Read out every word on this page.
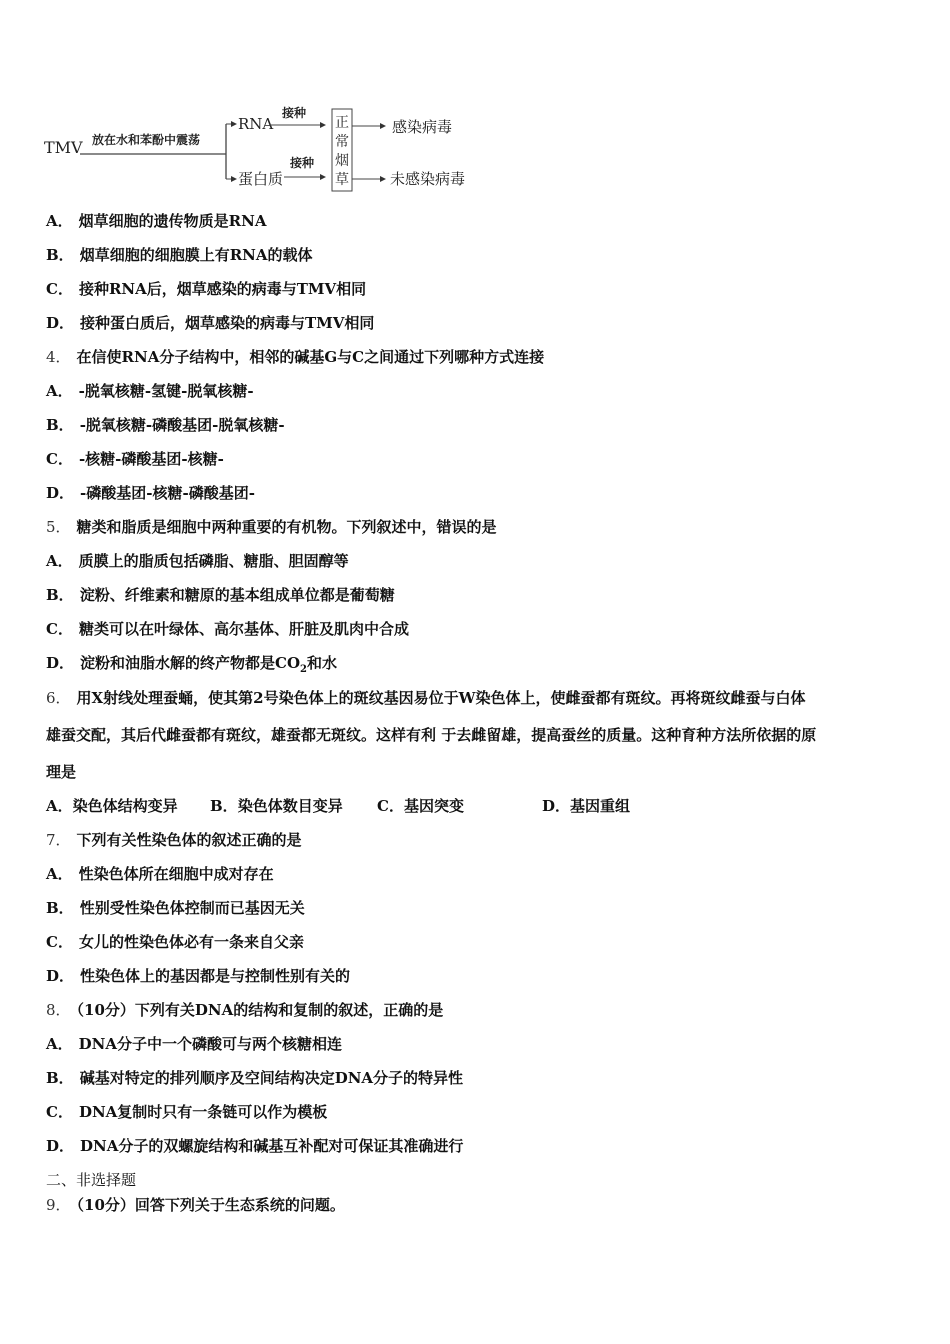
TMV 放在水和苯酚中震荡
RNA
蛋白质
接种
接种
正
常
烟
草
感染病毒
未感染病毒
A． 烟草细胞的遗传物质是RNA
B． 烟草细胞的细胞膜上有RNA的载体
C． 接种RNA后，烟草感染的病毒与TMV相同
D． 接种蛋白质后，烟草感染的病毒与TMV相同
4． 在信使RNA分子结构中，相邻的碱基G与C之间通过下列哪种方式连接
A． -脱氧核糖-氢键-脱氧核糖-
B． -脱氧核糖-磷酸基团-脱氧核糖-
C． -核糖-磷酸基团-核糖-
D． -磷酸基团-核糖-磷酸基团-
5． 糖类和脂质是细胞中两种重要的有机物。下列叙述中，错误的是
A． 质膜上的脂质包括磷脂、糖脂、胆固醇等
B． 淀粉、纤维素和糖原的基本组成单位都是葡萄糖
C． 糖类可以在叶绿体、高尔基体、肝脏及肌肉中合成
D． 淀粉和油脂水解的终产物都是$CO_2$和水
6． 用X射线处理蚕蛹，使其第2号染色体上的斑纹基因易位于W染色体上，使雌蚕都有斑纹。再将斑纹雌蚕与白体
雄蚕交配，其后代雌蚕都有斑纹，雄蚕都无斑纹。这样有利 于去雌留雄，提高蚕丝的质量。这种育种方法所依据的原
理是
A．染色体结构变异 B．染色体数目变异 C．基因突变	D．基因重组
7． 下列有关性染色体的叙述正确的是
A． 性染色体所在细胞中成对存在
B． 性别受性染色体控制而已基因无关
C． 女儿的性染色体必有一条来自父亲
D． 性染色体上的基因都是与控制性别有关的
8． （10分）下列有关DNA的结构和复制的叙述，正确的是
A． DNA分子中一个磷酸可与两个核糖相连
B． 碱基对特定的排列顺序及空间结构决定DNA分子的特异性
C． DNA复制时只有一条链可以作为模板
D． DNA分子的双螺旋结构和碱基互补配对可保证其准确进行
二、非选择题
9． （10分）回答下列关于生态系统的问题。
